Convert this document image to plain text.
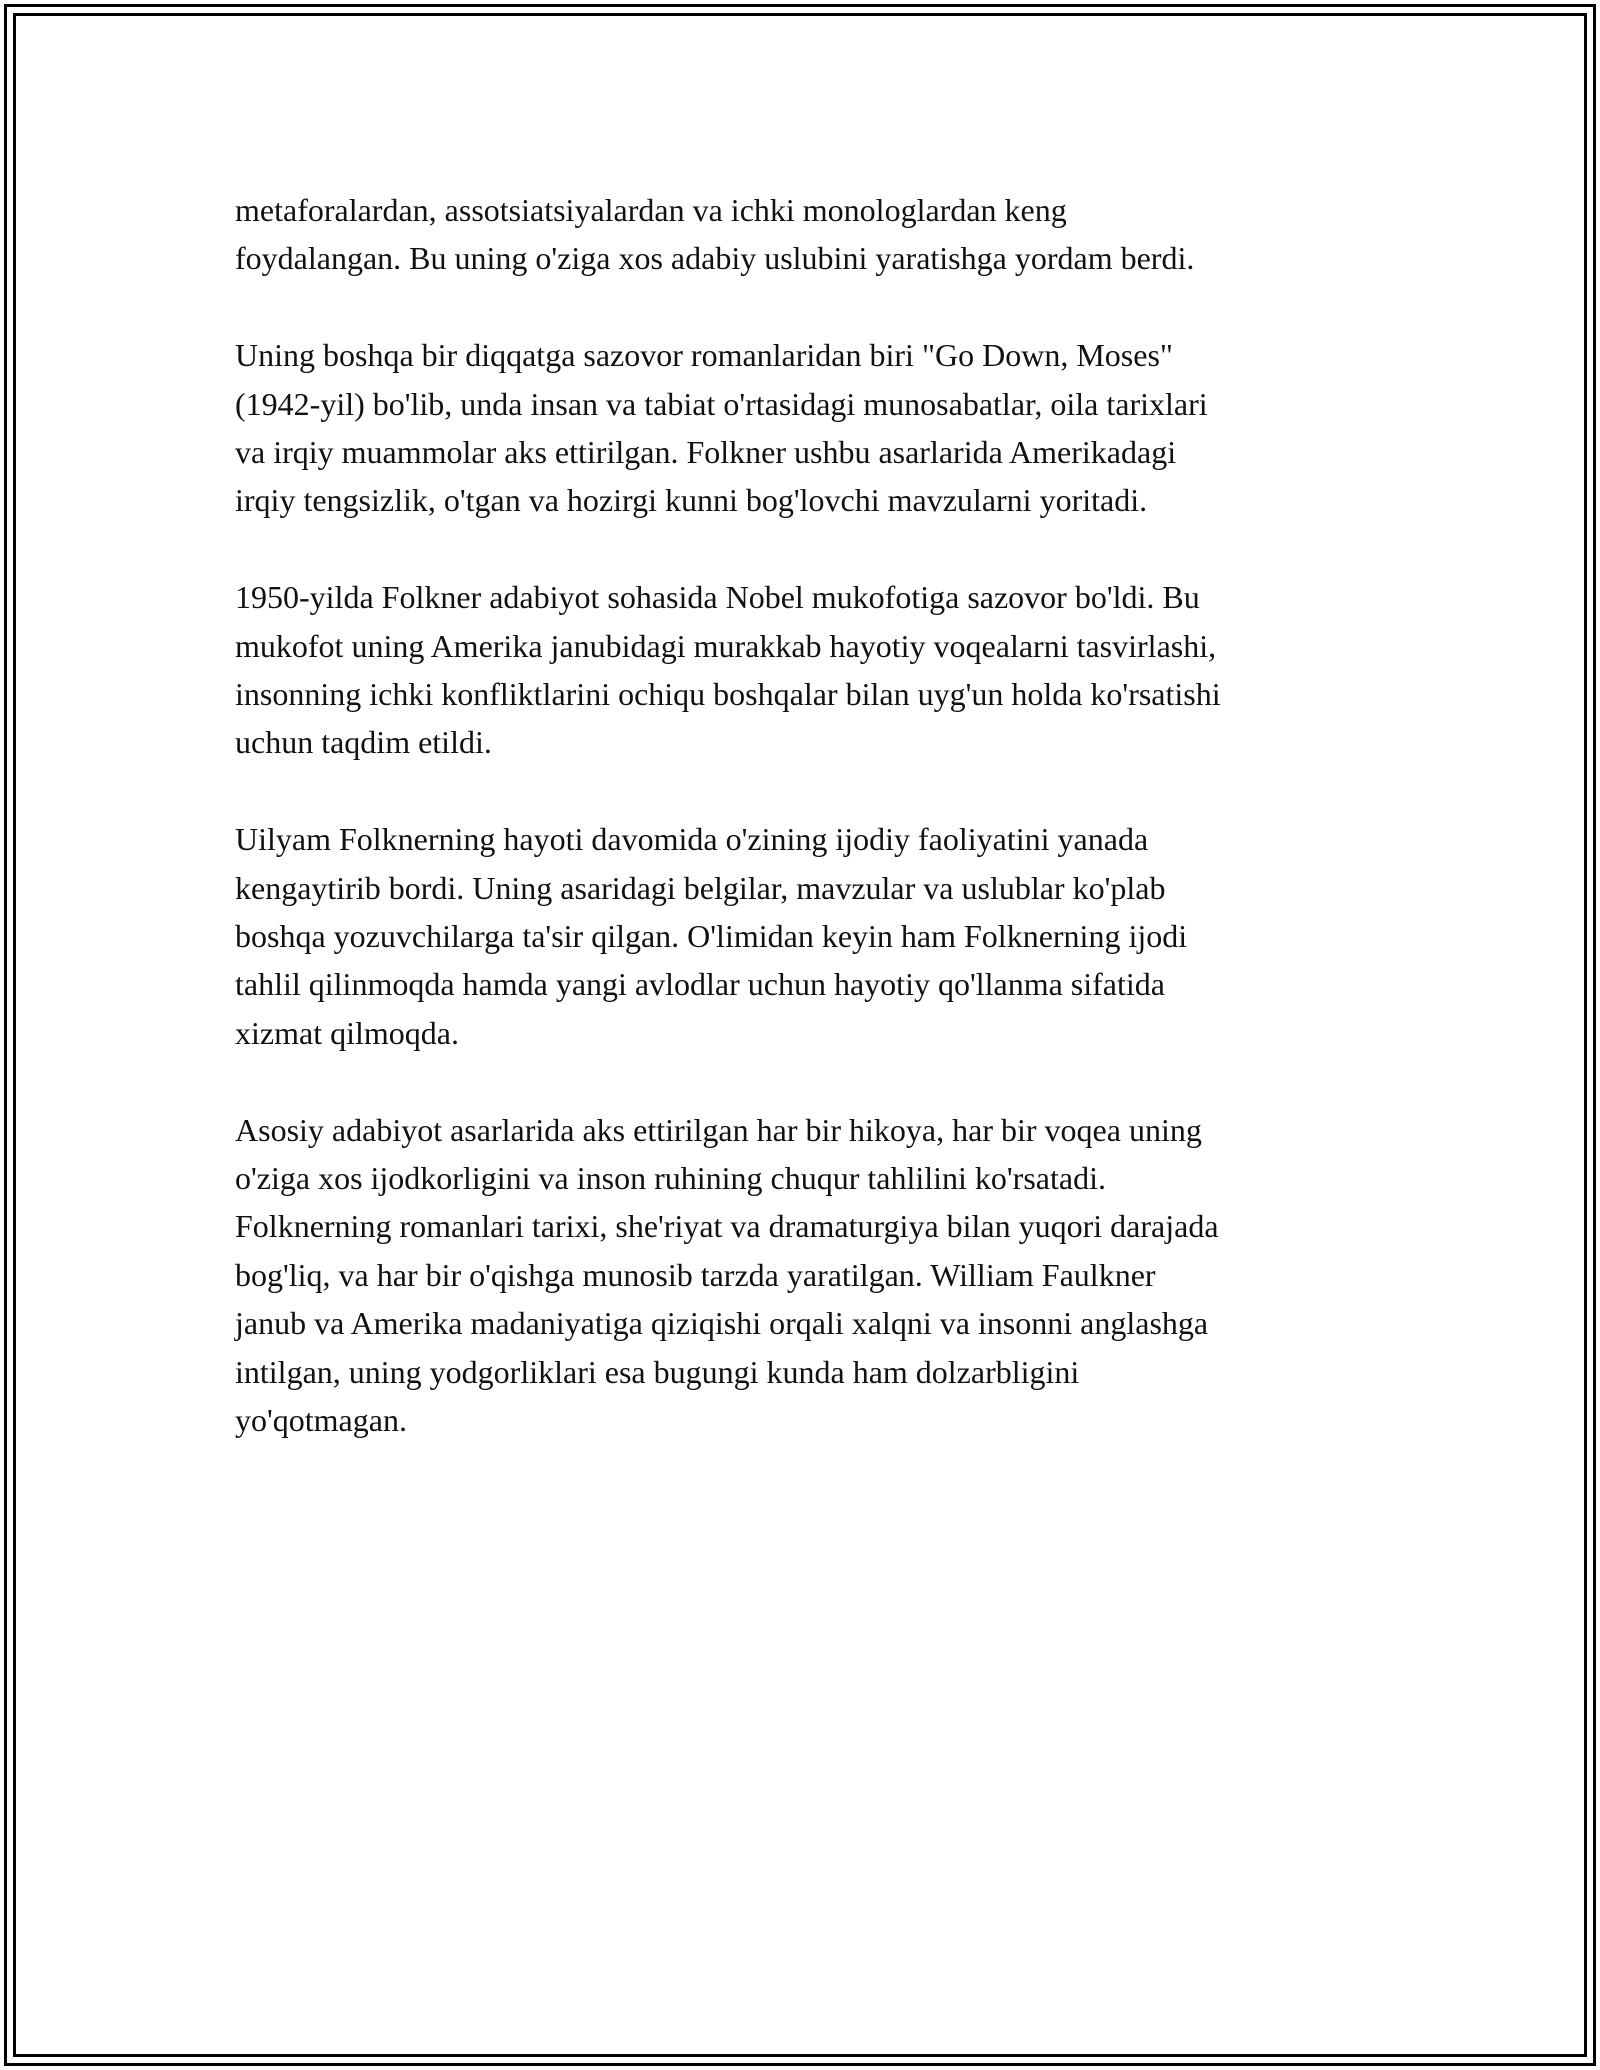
metaforalardan, assotsiatsiyalardan va ichki monologlardan keng
foydalangan. Bu uning o'ziga xos adabiy uslubini yaratishga yordam berdi.

Uning boshqa bir diqqatga sazovor romanlaridan biri "Go Down, Moses"
(1942-yil) bo'lib, unda insan va tabiat o'rtasidagi munosabatlar, oila tarixlari
va irqiy muammolar aks ettirilgan. Folkner ushbu asarlarida Amerikadagi
irqiy tengsizlik, o'tgan va hozirgi kunni bog'lovchi mavzularni yoritadi.

1950-yilda Folkner adabiyot sohasida Nobel mukofotiga sazovor bo'ldi. Bu
mukofot uning Amerika janubidagi murakkab hayotiy voqealarni tasvirlashi,
insonning ichki konfliktlarini ochiqu boshqalar bilan uyg'un holda ko'rsatishi
uchun taqdim etildi.

Uilyam Folknerning hayoti davomida o'zining ijodiy faoliyatini yanada
kengaytirib bordi. Uning asaridagi belgilar, mavzular va uslublar ko'plab
boshqa yozuvchilarga ta'sir qilgan. O'limidan keyin ham Folknerning ijodi
tahlil qilinmoqda hamda yangi avlodlar uchun hayotiy qo'llanma sifatida
xizmat qilmoqda.

Asosiy adabiyot asarlarida aks ettirilgan har bir hikoya, har bir voqea uning
o'ziga xos ijodkorligini va inson ruhining chuqur tahlilini ko'rsatadi.
Folknerning romanlari tarixi, she'riyat va dramaturgiya bilan yuqori darajada
bog'liq, va har bir o'qishga munosib tarzda yaratilgan. William Faulkner
janub va Amerika madaniyatiga qiziqishi orqali xalqni va insonni anglashga
intilgan, uning yodgorliklari esa bugungi kunda ham dolzarbligini
yo'qotmagan.
